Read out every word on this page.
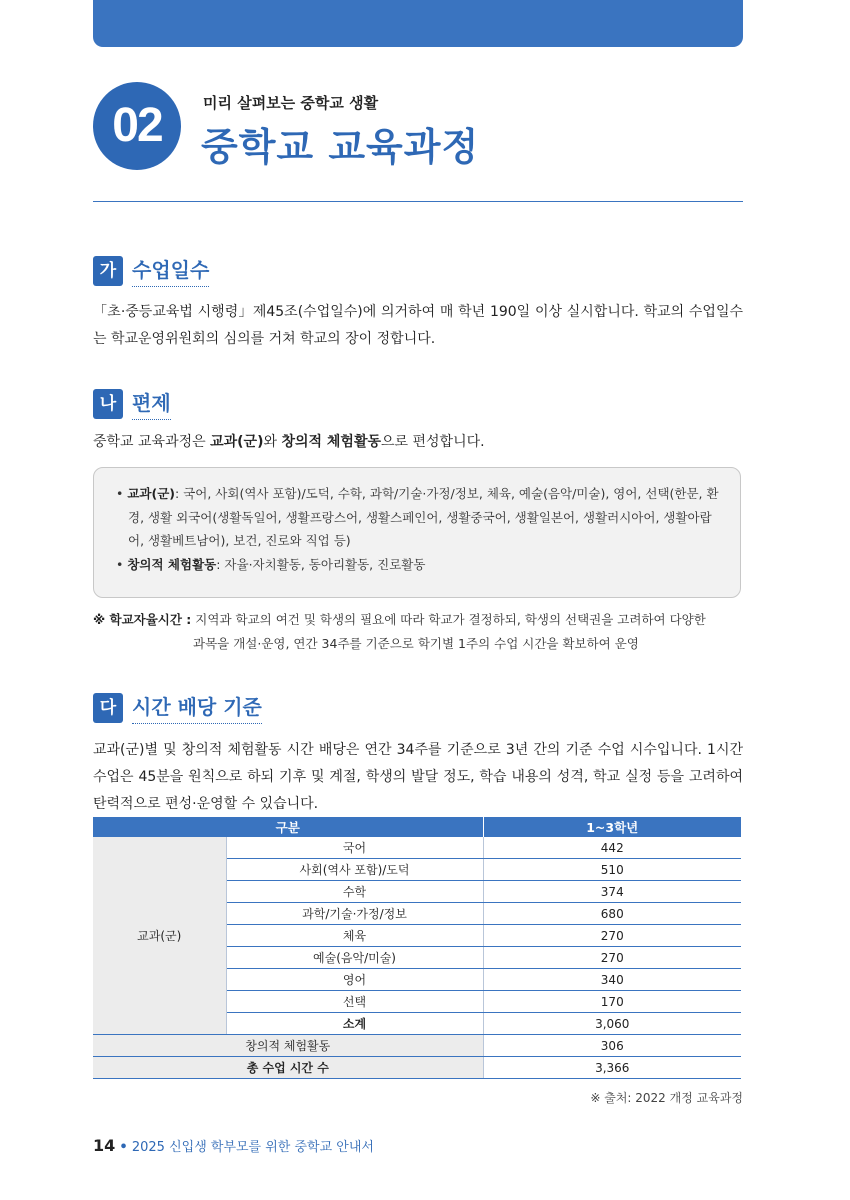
02	미리 살펴보는 중학교 생활
중학교 교육과정
가 수업일수

「초·중등교육법 시행령」제45조(수업일수)에 의거하여 매 학년 190일 이상 실시합니다. 학교의 수업일수는 학교운영위원회의 심의를 거쳐 학교의 장이 정합니다.

나 편제

중학교 교육과정은 교과(군)와 창의적 체험활동으로 편성합니다.

• 교과(군): 국어, 사회(역사 포함)/도덕, 수학, 과학/기술·가정/정보, 체육, 예술(음악/미술), 영어, 선택(한문, 환경, 생활 외국어(생활독일어, 생활프랑스어, 생활스페인어, 생활중국어, 생활일본어, 생활러시아어, 생활아랍어, 생활베트남어), 보건, 진로와 직업 등)

• 창의적 체험활동: 자율·자치활동, 동아리활동, 진로활동

※ 학교자율시간 : 지역과 학교의 여건 및 학생의 필요에 따라 학교가 결정하되, 학생의 선택권을 고려하여 다양한
과목을 개설·운영, 연간 34주를 기준으로 학기별 1주의 수업 시간을 확보하여 운영
다 시간 배당 기준

교과(군)별 및 창의적 체험활동 시간 배당은 연간 34주를 기준으로 3년 간의 기준 수업 시수입니다. 1시간 수업은 45분을 원칙으로 하되 기후 및 계절, 학생의 발달 정도, 학습 내용의 성격, 학교 실정 등을 고려하여 탄력적으로 편성·운영할 수 있습니다.

구분		1~3학년
교과(군)	국어	442
	사회(역사 포함)/도덕	510
	수학	374
	과학/기술·가정/정보	680
	체육	270
	예술(음악/미술)	270
	영어	340
	선택	170
	소계	3,060
창의적 체험활동		306
총 수업 시간 수		3,366
※ 출처: 2022 개정 교육과정
14 • 2025 신입생 학부모를 위한 중학교 안내서
